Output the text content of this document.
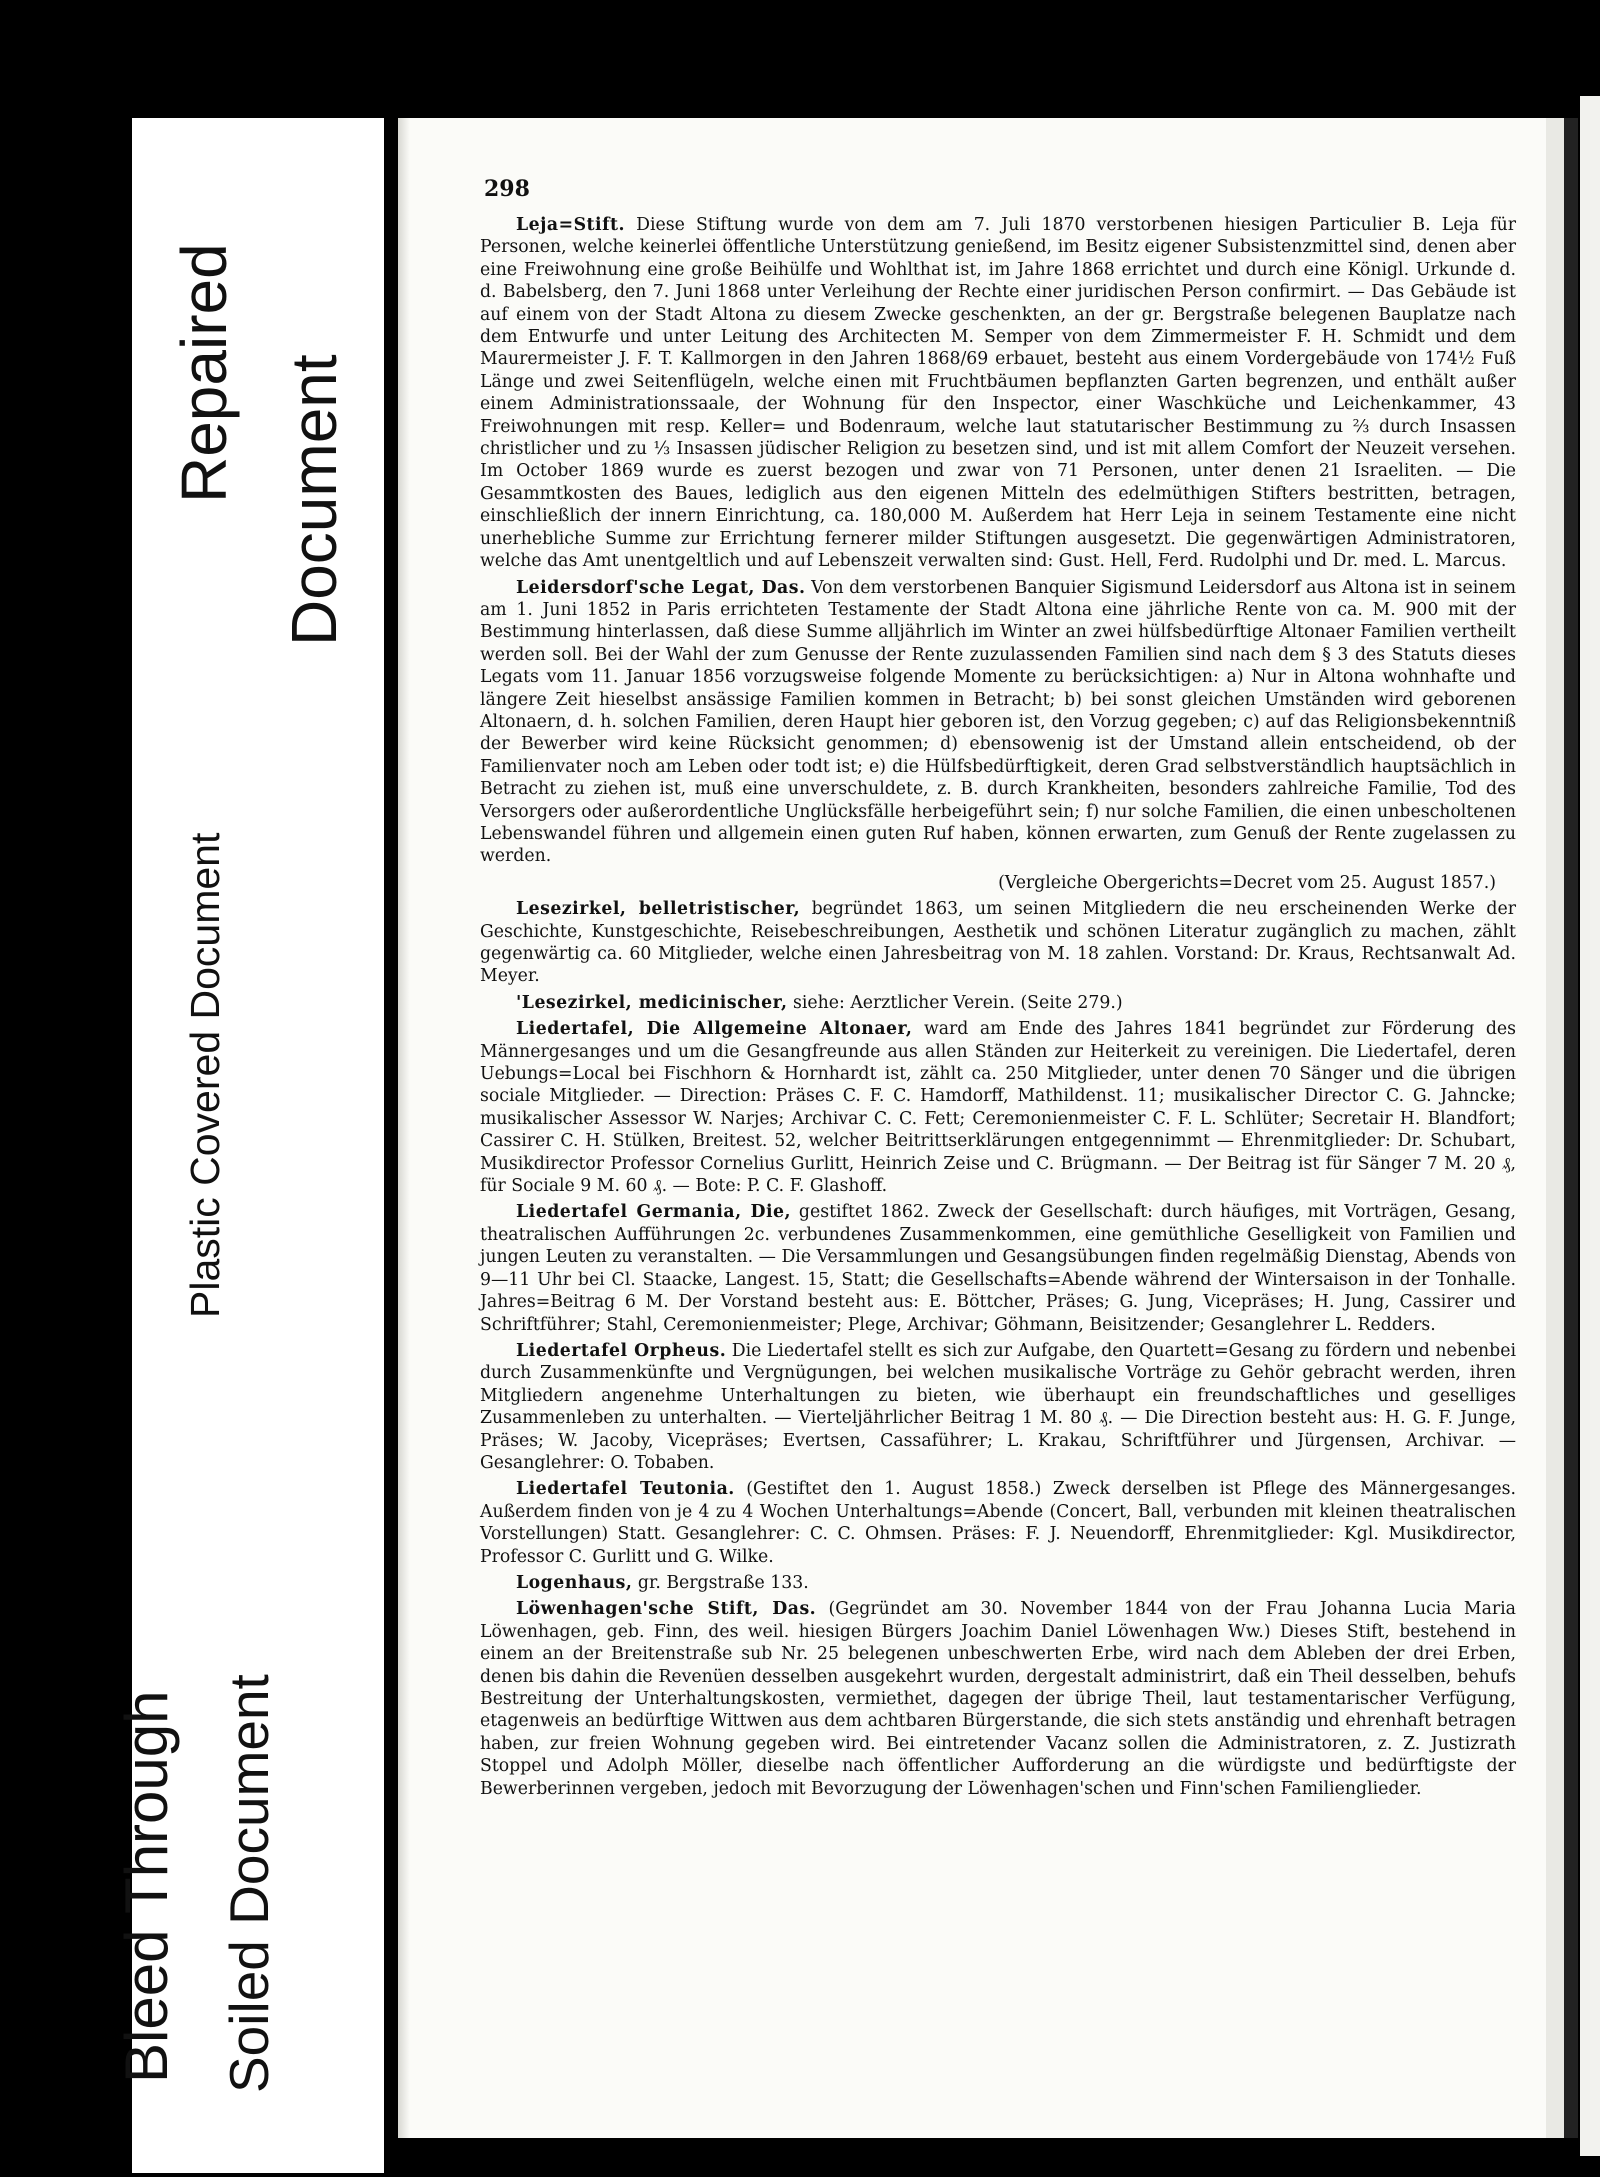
Repaired Document
Plastic Covered Document
Bleed Through Soiled Document
298

Leja=Stift. Diese Stiftung wurde von dem am 7. Juli 1870 verstorbenen hiesigen Particulier B. Leja für Personen, welche keinerlei öffentliche Unterstützung genießend, im Besitz eigener Subsistenzmittel sind, denen aber eine Freiwohnung eine große Beihülfe und Wohlthat ist, im Jahre 1868 errichtet und durch eine Königl. Urkunde d. d. Babelsberg, den 7. Juni 1868 unter Verleihung der Rechte einer juridischen Person confirmirt. — Das Gebäude ist auf einem von der Stadt Altona zu diesem Zwecke geschenkten, an der gr. Bergstraße belegenen Bauplatze nach dem Entwurfe und unter Leitung des Architecten M. Semper von dem Zimmermeister F. H. Schmidt und dem Maurermeister J. F. T. Kallmorgen in den Jahren 1868/69 erbauet, besteht aus einem Vordergebäude von 174½ Fuß Länge und zwei Seitenflügeln, welche einen mit Fruchtbäumen bepflanzten Garten begrenzen, und enthält außer einem Administrationssaale, der Wohnung für den Inspector, einer Waschküche und Leichenkammer, 43 Freiwohnungen mit resp. Keller= und Bodenraum, welche laut statutarischer Bestimmung zu ⅔ durch Insassen christlicher und zu ⅓ Insassen jüdischer Religion zu besetzen sind, und ist mit allem Comfort der Neuzeit versehen. Im October 1869 wurde es zuerst bezogen und zwar von 71 Personen, unter denen 21 Israeliten. — Die Gesammtkosten des Baues, lediglich aus den eigenen Mitteln des edelmüthigen Stifters bestritten, betragen, einschließlich der innern Einrichtung, ca. 180,000 M. Außerdem hat Herr Leja in seinem Testamente eine nicht unerhebliche Summe zur Errichtung fernerer milder Stiftungen ausgesetzt. Die gegenwärtigen Administratoren, welche das Amt unentgeltlich und auf Lebenszeit verwalten sind: Gust. Hell, Ferd. Rudolphi und Dr. med. L. Marcus.

Leidersdorf'sche Legat, Das. Von dem verstorbenen Banquier Sigismund Leidersdorf aus Altona ist in seinem am 1. Juni 1852 in Paris errichteten Testamente der Stadt Altona eine jährliche Rente von ca. M. 900 mit der Bestimmung hinterlassen, daß diese Summe alljährlich im Winter an zwei hülfsbedürftige Altonaer Familien vertheilt werden soll. Bei der Wahl der zum Genusse der Rente zuzulassenden Familien sind nach dem § 3 des Statuts dieses Legats vom 11. Januar 1856 vorzugsweise folgende Momente zu berücksichtigen: a) Nur in Altona wohnhafte und längere Zeit hieselbst ansässige Familien kommen in Betracht; b) bei sonst gleichen Umständen wird geborenen Altonaern, d. h. solchen Familien, deren Haupt hier geboren ist, den Vorzug gegeben; c) auf das Religionsbekenntniß der Bewerber wird keine Rücksicht genommen; d) ebensowenig ist der Umstand allein entscheidend, ob der Familienvater noch am Leben oder todt ist; e) die Hülfsbedürftigkeit, deren Grad selbstverständlich hauptsächlich in Betracht zu ziehen ist, muß eine unverschuldete, z. B. durch Krankheiten, besonders zahlreiche Familie, Tod des Versorgers oder außerordentliche Unglücksfälle herbeigeführt sein; f) nur solche Familien, die einen unbescholtenen Lebenswandel führen und allgemein einen guten Ruf haben, können erwarten, zum Genuß der Rente zugelassen zu werden.

(Vergleiche Obergerichts=Decret vom 25. August 1857.)

Lesezirkel, belletristischer, begründet 1863, um seinen Mitgliedern die neu erscheinenden Werke der Geschichte, Kunstgeschichte, Reisebeschreibungen, Aesthetik und schönen Literatur zugänglich zu machen, zählt gegenwärtig ca. 60 Mitglieder, welche einen Jahresbeitrag von M. 18 zahlen. Vorstand: Dr. Kraus, Rechtsanwalt Ad. Meyer.

'Lesezirkel, medicinischer, siehe: Aerztlicher Verein. (Seite 279.)

Liedertafel, Die Allgemeine Altonaer, ward am Ende des Jahres 1841 begründet zur Förderung des Männergesanges und um die Gesangfreunde aus allen Ständen zur Heiterkeit zu vereinigen. Die Liedertafel, deren Uebungs=Local bei Fischhorn & Hornhardt ist, zählt ca. 250 Mitglieder, unter denen 70 Sänger und die übrigen sociale Mitglieder. — Direction: Präses C. F. C. Hamdorff, Mathildenst. 11; musikalischer Director C. G. Jahncke; musikalischer Assessor W. Narjes; Archivar C. C. Fett; Ceremonienmeister C. F. L. Schlüter; Secretair H. Blandfort; Cassirer C. H. Stülken, Breitest. 52, welcher Beitrittserklärungen entgegennimmt — Ehrenmitglieder: Dr. Schubart, Musikdirector Professor Cornelius Gurlitt, Heinrich Zeise und C. Brügmann. — Der Beitrag ist für Sänger 7 M. 20 ₰, für Sociale 9 M. 60 ₰. — Bote: P. C. F. Glashoff.

Liedertafel Germania, Die, gestiftet 1862. Zweck der Gesellschaft: durch häufiges, mit Vorträgen, Gesang, theatralischen Aufführungen 2c. verbundenes Zusammenkommen, eine gemüthliche Geselligkeit von Familien und jungen Leuten zu veranstalten. — Die Versammlungen und Gesangsübungen finden regelmäßig Dienstag, Abends von 9—11 Uhr bei Cl. Staacke, Langest. 15, Statt; die Gesellschafts=Abende während der Wintersaison in der Tonhalle. Jahres=Beitrag 6 M. Der Vorstand besteht aus: E. Böttcher, Präses; G. Jung, Vicepräses; H. Jung, Cassirer und Schriftführer; Stahl, Ceremonienmeister; Plege, Archivar; Göhmann, Beisitzender; Gesanglehrer L. Redders.

Liedertafel Orpheus. Die Liedertafel stellt es sich zur Aufgabe, den Quartett=Gesang zu fördern und nebenbei durch Zusammenkünfte und Vergnügungen, bei welchen musikalische Vorträge zu Gehör gebracht werden, ihren Mitgliedern angenehme Unterhaltungen zu bieten, wie überhaupt ein freundschaftliches und geselliges Zusammenleben zu unterhalten. — Vierteljährlicher Beitrag 1 M. 80 ₰. — Die Direction besteht aus: H. G. F. Junge, Präses; W. Jacoby, Vicepräses; Evertsen, Cassaführer; L. Krakau, Schriftführer und Jürgensen, Archivar. — Gesanglehrer: O. Tobaben.

Liedertafel Teutonia. (Gestiftet den 1. August 1858.) Zweck derselben ist Pflege des Männergesanges. Außerdem finden von je 4 zu 4 Wochen Unterhaltungs=Abende (Concert, Ball, verbunden mit kleinen theatralischen Vorstellungen) Statt. Gesanglehrer: C. C. Ohmsen. Präses: F. J. Neuendorff, Ehrenmitglieder: Kgl. Musikdirector, Professor C. Gurlitt und G. Wilke.

Logenhaus, gr. Bergstraße 133.

Löwenhagen'sche Stift, Das. (Gegründet am 30. November 1844 von der Frau Johanna Lucia Maria Löwenhagen, geb. Finn, des weil. hiesigen Bürgers Joachim Daniel Löwenhagen Ww.) Dieses Stift, bestehend in einem an der Breitenstraße sub Nr. 25 belegenen unbeschwerten Erbe, wird nach dem Ableben der drei Erben, denen bis dahin die Revenüen desselben ausgekehrt wurden, dergestalt administrirt, daß ein Theil desselben, behufs Bestreitung der Unterhaltungskosten, vermiethet, dagegen der übrige Theil, laut testamentarischer Verfügung, etagenweis an bedürftige Wittwen aus dem achtbaren Bürgerstande, die sich stets anständig und ehrenhaft betragen haben, zur freien Wohnung gegeben wird. Bei eintretender Vacanz sollen die Administratoren, z. Z. Justizrath Stoppel und Adolph Möller, dieselbe nach öffentlicher Aufforderung an die würdigste und bedürftigste der Bewerberinnen vergeben, jedoch mit Bevorzugung der Löwenhagen'schen und Finn'schen Familienglieder.
